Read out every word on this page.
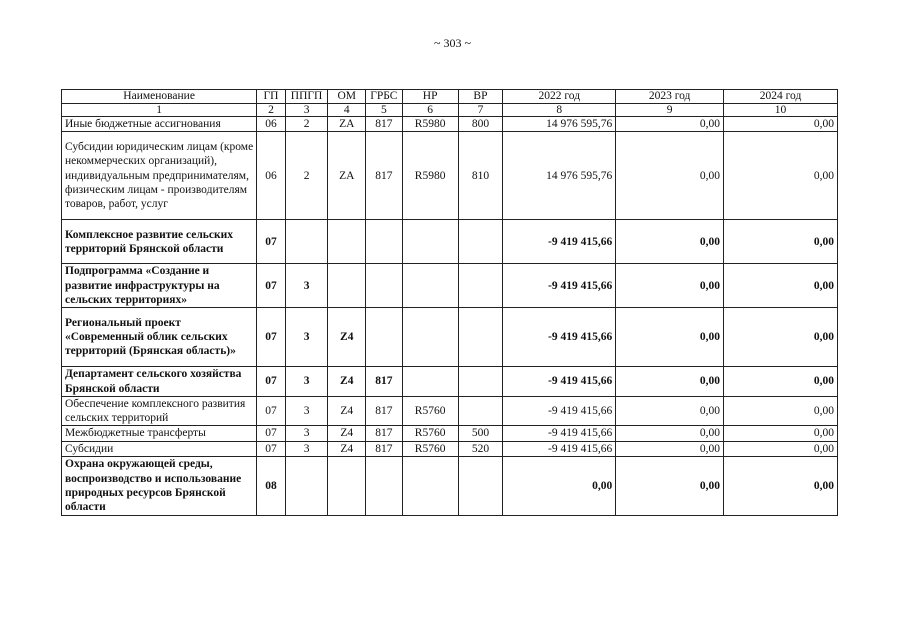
~ 303 ~
Наименование	ГП	ППГП	ОМ	ГРБС	НР	ВР	2022 год	2023 год	2024 год
1	2	3	4	5	6	7	8	9	10
Иные бюджетные ассигнования	06	2	ZA	817	R5980	800	14 976 595,76	0,00	0,00
Субсидии юридическим лицам (кроме некоммерческих организаций), индивидуальным предпринимателям, физическим лицам - производителям товаров, работ, услуг	06	2	ZA	817	R5980	810	14 976 595,76	0,00	0,00
Комплексное развитие сельских территорий Брянской области	07						-9 419 415,66	0,00	0,00
Подпрограмма «Создание и развитие инфраструктуры на сельских территориях»	07	3					-9 419 415,66	0,00	0,00
Региональный проект «Современный облик сельских территорий (Брянская область)»	07	3	Z4				-9 419 415,66	0,00	0,00
Департамент сельского хозяйства Брянской области	07	3	Z4	817			-9 419 415,66	0,00	0,00
Обеспечение комплексного развития сельских территорий	07	3	Z4	817	R5760		-9 419 415,66	0,00	0,00
Межбюджетные трансферты	07	3	Z4	817	R5760	500	-9 419 415,66	0,00	0,00
Субсидии	07	3	Z4	817	R5760	520	-9 419 415,66	0,00	0,00
Охрана окружающей среды, воспроизводство и использование природных ресурсов Брянской области	08						0,00	0,00	0,00
